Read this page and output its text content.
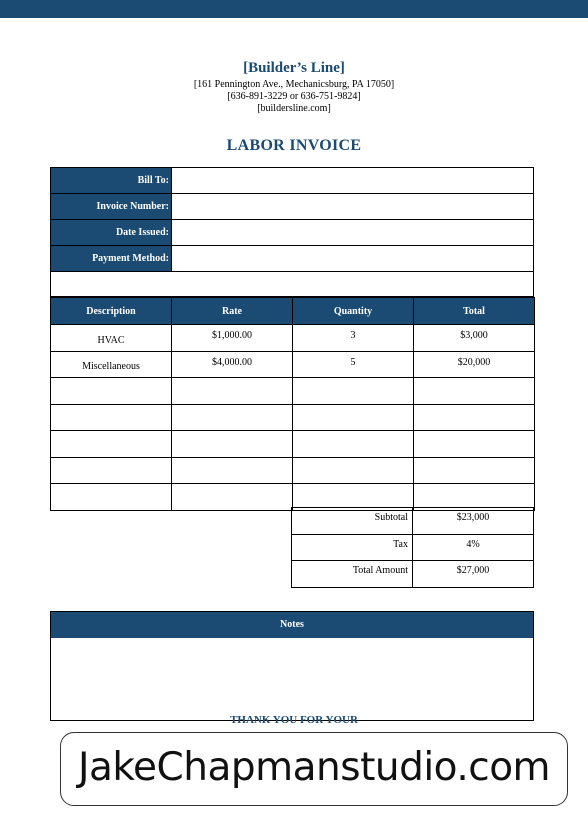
[Builder’s Line]
[161 Pennington Ave., Mechanicsburg, PA 17050]
[636-891-3229 or 636-751-9824]
[buildersline.com]
LABOR INVOICE
Bill To:
Invoice Number:
Date Issued:
Payment Method:
Description	Rate	Quantity	Total
HVAC	$1,000.00	3	$3,000
Miscellaneous	$4,000.00	5	$20,000

Subtotal	$23,000
Tax	4%
Total Amount	$27,000
Notes
THANK YOU FOR YOUR
JakeChapmanstudio.com
